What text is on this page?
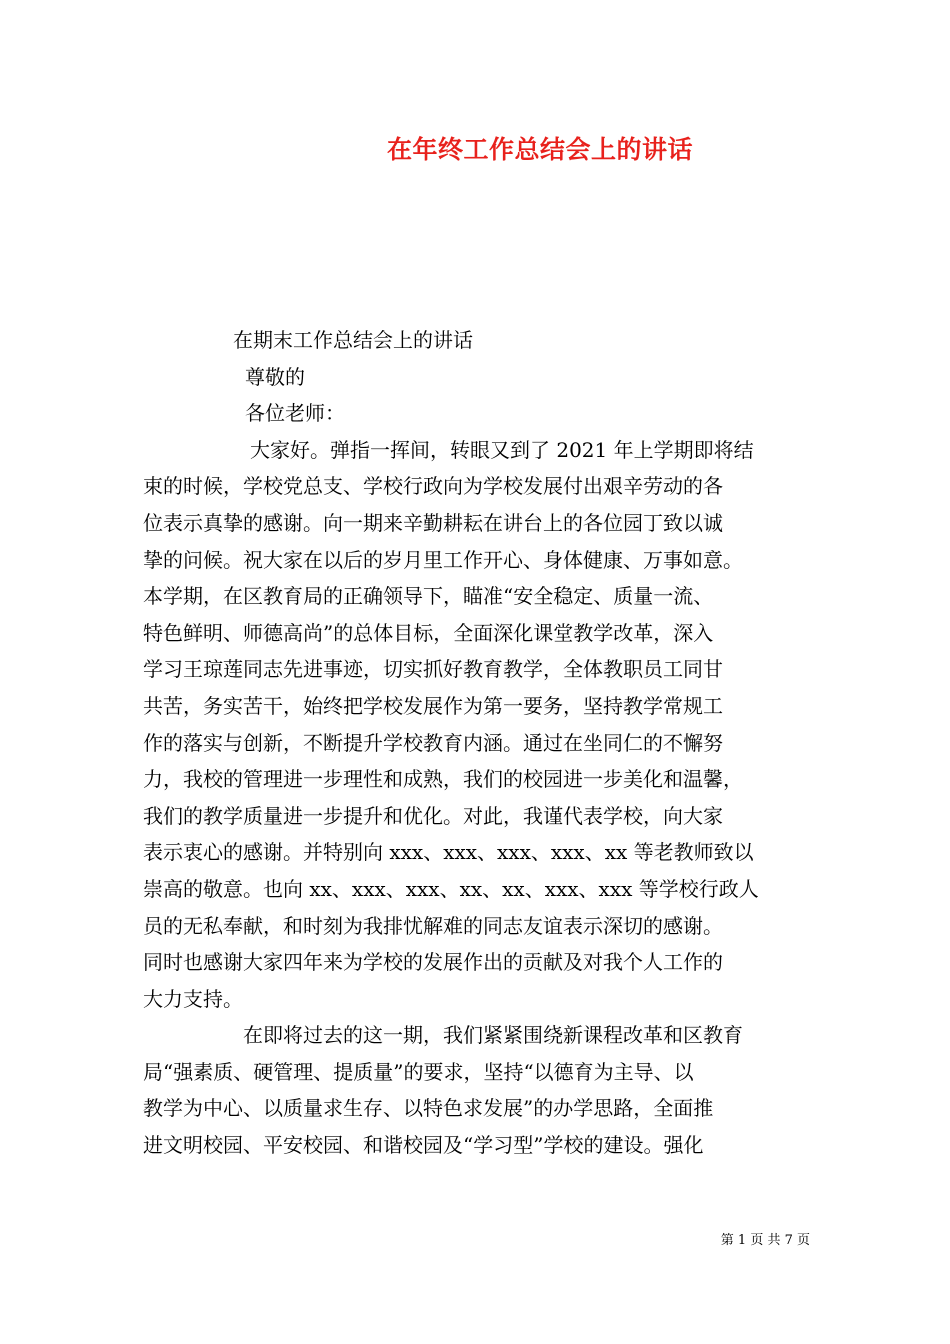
在年终工作总结会上的讲话
在期末工作总结会上的讲话
尊敬的
各位老师：
大家好。弹指一挥间，转眼又到了 2021 年上学期即将结
束的时候，学校党总支、学校行政向为学校发展付出艰辛劳动的各
位表示真挚的感谢。向一期来辛勤耕耘在讲台上的各位园丁致以诚
挚的问候。祝大家在以后的岁月里工作开心、身体健康、万事如意。
本学期，在区教育局的正确领导下，瞄准“安全稳定、质量一流、
特色鲜明、师德高尚”的总体目标，全面深化课堂教学改革，深入
学习王琼莲同志先进事迹，切实抓好教育教学，全体教职员工同甘
共苦，务实苦干，始终把学校发展作为第一要务，坚持教学常规工
作的落实与创新，不断提升学校教育内涵。通过在坐同仁的不懈努
力，我校的管理进一步理性和成熟，我们的校园进一步美化和温馨，
我们的教学质量进一步提升和优化。对此，我谨代表学校，向大家
表示衷心的感谢。并特别向 xxx、xxx、xxx、xxx、xx 等老教师致以
崇高的敬意。也向 xx、xxx、xxx、xx、xx、xxx、xxx 等学校行政人
员的无私奉献，和时刻为我排忧解难的同志友谊表示深切的感谢。
同时也感谢大家四年来为学校的发展作出的贡献及对我个人工作的
大力支持。
在即将过去的这一期，我们紧紧围绕新课程改革和区教育
局“强素质、硬管理、提质量”的要求，坚持“以德育为主导、以
教学为中心、以质量求生存、以特色求发展”的办学思路，全面推
进文明校园、平安校园、和谐校园及“学习型”学校的建设。强化
第 1 页 共 7 页
